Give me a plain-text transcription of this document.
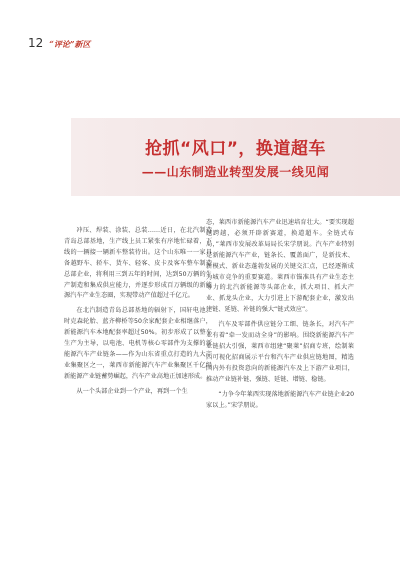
12 “评论”新区
抢抓“风口”，换道超车
——山东制造业转型发展一线见闻

冲压、焊装、涂装、总装……近日，在北汽制造青岛总部基地，生产线上员工紧张有序地忙碌着，下线的一辆接一辆新车整装待出。这个山东唯一一家具备越野车、轿车、货车、轻客、皮卡及客车整车制造总部企业，将利用三到五年的时间，达到50万辆的生产制造和集成供应能力，并逐步形成百万辆级的新能源汽车产业生态圈，实现带动产值超过千亿元。

在北汽制造青岛总部基地的辐射下，国轩电池、时克森轮胎、蓝齐柳桥等50余家配套企业相继落户，新能源汽车本地配套率超过50%。初步形成了以整车生产为主导，以电池、电机等核心零部件为支撑的新能源汽车产业链条——作为山东省重点打造的九大产业集聚区之一，莱西市新能源汽车产业集聚区千亿级新能源产业链蓄势崛起，汽车产业高地正加速形成。

从一个头部企业到一个产业，再到一个生

态，莱西市新能源汽车产业迅速培育壮大。“要实现超越跨越，必须开辟新赛道，换道超车。全链式布局，”莱西市发展改革局局长宋学朋说。汽车产业特别是新能源汽车产业，链条长、覆盖面广，是新技术、新模式、新业态蓬勃发展的关键交汇点，已经逐渐成为城市竞争的重要赛道。莱西市锚准具有产业生态主导力的北汽新能源等头部企业，抓大项目、抓大产业、抓龙头企业，大力引进上下游配套企业，激发出建链、延链、补链的强大“链式效应”。

汽车及零部件供应链分工细、链条长，对汽车产业有着“牵一发而动全身”的影响。围绕新能源汽车产业链招大引强，莱西市组建“聚莱”招商专班，绘制莱西可视化招商展示平台和汽车产业供应链地图，精选国内外有投资意向的新能源汽车及上下游产业项目，推动产业链补链、强链、延链、增链、稳链。

“力争今年莱西实现落地新能源汽车产业链企业20家以上。”宋学朋说。
